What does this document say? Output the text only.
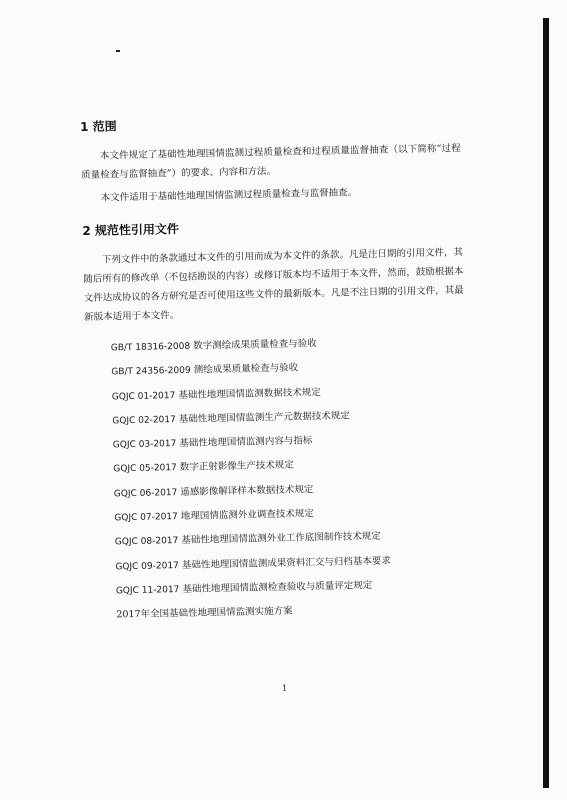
1 范围

本文件规定了基础性地理国情监测过程质量检查和过程质量监督抽查（以下简称“过程质量检查与监督抽查”）的要求、内容和方法。

本文件适用于基础性地理国情监测过程质量检查与监督抽查。

2 规范性引用文件

下列文件中的条款通过本文件的引用而成为本文件的条款。凡是注日期的引用文件，其随后所有的修改单（不包括勘误的内容）或修订版本均不适用于本文件，然而，鼓励根据本文件达成协议的各方研究是否可使用这些文件的最新版本。凡是不注日期的引用文件，其最新版本适用于本文件。

GB/T 18316-2008 数字测绘成果质量检查与验收
GB/T 24356-2009 测绘成果质量检查与验收
GQJC 01-2017 基础性地理国情监测数据技术规定
GQJC 02-2017 基础性地理国情监测生产元数据技术规定
GQJC 03-2017 基础性地理国情监测内容与指标
GQJC 05-2017 数字正射影像生产技术规定
GQJC 06-2017 遥感影像解译样本数据技术规定
GQJC 07-2017 地理国情监测外业调查技术规定
GQJC 08-2017 基础性地理国情监测外业工作底图制作技术规定
GQJC 09-2017 基础性地理国情监测成果资料汇交与归档基本要求
GQJC 11-2017 基础性地理国情监测检查验收与质量评定规定
2017年全国基础性地理国情监测实施方案
1
